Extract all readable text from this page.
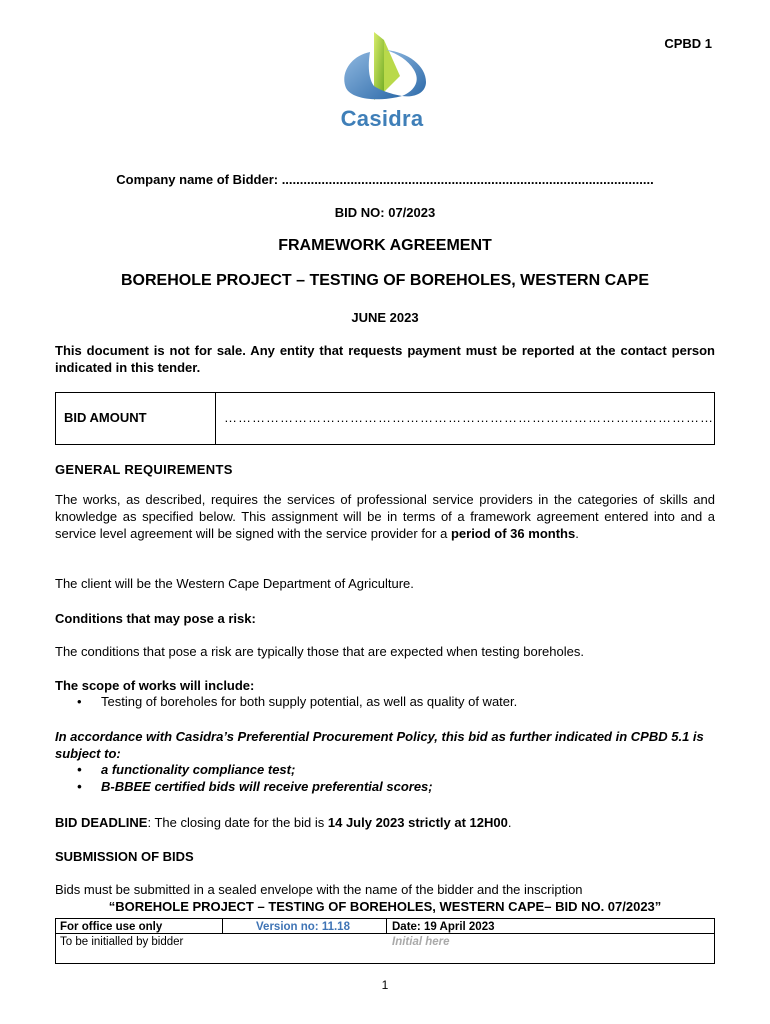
CPBD 1
Casidra
Company name of Bidder: .......................................................................................................
BID NO: 07/2023
FRAMEWORK AGREEMENT
BOREHOLE PROJECT – TESTING OF BOREHOLES, WESTERN CAPE
JUNE 2023
This document is not for sale. Any entity that requests payment must be reported at the contact person indicated in this tender.
BID AMOUNT	……………………………………………………………………………………………
GENERAL REQUIREMENTS
The works, as described, requires the services of professional service providers in the categories of skills and knowledge as specified below. This assignment will be in terms of a framework agreement entered into and a service level agreement will be signed with the service provider for a period of 36 months.
The client will be the Western Cape Department of Agriculture.
Conditions that may pose a risk:
The conditions that pose a risk are typically those that are expected when testing boreholes.
The scope of works will include:
• Testing of boreholes for both supply potential, as well as quality of water.
In accordance with Casidra’s Preferential Procurement Policy, this bid as further indicated in CPBD 5.1 is subject to:
• a functionality compliance test;
• B-BBEE certified bids will receive preferential scores;
BID DEADLINE: The closing date for the bid is 14 July 2023 strictly at 12H00.
SUBMISSION OF BIDS
Bids must be submitted in a sealed envelope with the name of the bidder and the inscription
“BOREHOLE PROJECT – TESTING OF BOREHOLES, WESTERN CAPE– BID NO. 07/2023”
For office use only
To be initialled by bidder
Version no: 11.18	Date: 19 April 2023
Initial here
1
